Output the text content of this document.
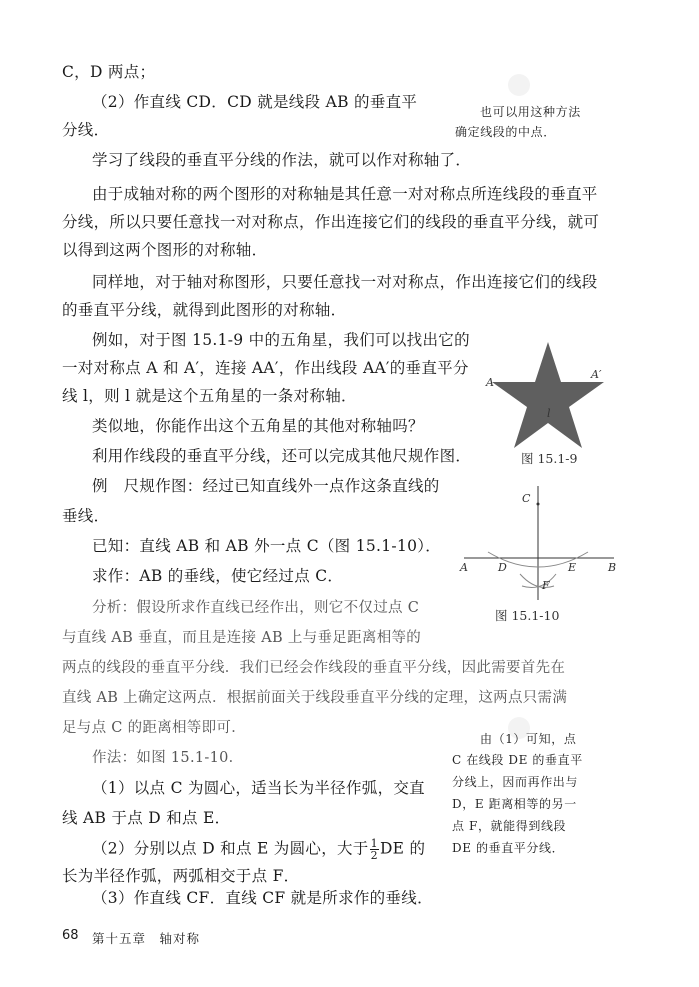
C，D 两点；
（2）作直线 CD．CD 就是线段 AB 的垂直平
分线．
学习了线段的垂直平分线的作法，就可以作对称轴了．
由于成轴对称的两个图形的对称轴是其任意一对对称点所连线段的垂直平
分线，所以只要任意找一对对称点，作出连接它们的线段的垂直平分线，就可
以得到这两个图形的对称轴．
同样地，对于轴对称图形，只要任意找一对对称点，作出连接它们的线段
的垂直平分线，就得到此图形的对称轴．
例如，对于图 15.1-9 中的五角星，我们可以找出它的
一对对称点 A 和 A′，连接 AA′，作出线段 AA′的垂直平分
线 l，则 l 就是这个五角星的一条对称轴．
类似地，你能作出这个五角星的其他对称轴吗？
利用作线段的垂直平分线，还可以完成其他尺规作图．
例　尺规作图：经过已知直线外一点作这条直线的
垂线．
已知：直线 AB 和 AB 外一点 C（图 15.1-10）．
求作：AB 的垂线，使它经过点 C．
分析：假设所求作直线已经作出，则它不仅过点 C
与直线 AB 垂直，而且是连接 AB 上与垂足距离相等的
两点的线段的垂直平分线．我们已经会作线段的垂直平分线，因此需要首先在
直线 AB 上确定这两点．根据前面关于线段垂直平分线的定理，这两点只需满
足与点 C 的距离相等即可．
作法：如图 15.1-10．
（1）以点 C 为圆心，适当长为半径作弧，交直
线 AB 于点 D 和点 E．
（2）分别以点 D 和点 E 为圆心，大于 $\frac{1}{2}$ DE 的
长为半径作弧，两弧相交于点 F．
（3）作直线 CF．直线 CF 就是所求作的垂线．
也可以用这种方法
确定线段的中点．
A
A′
l
图 15.1-9
A	B
C
D	E
F
图 15.1-10
由（1）可知，点
C 在线段 DE 的垂直平
分线上，因而再作出与
D，E 距离相等的另一
点 F，就能得到线段
DE 的垂直平分线．
68 第十五章　轴对称
